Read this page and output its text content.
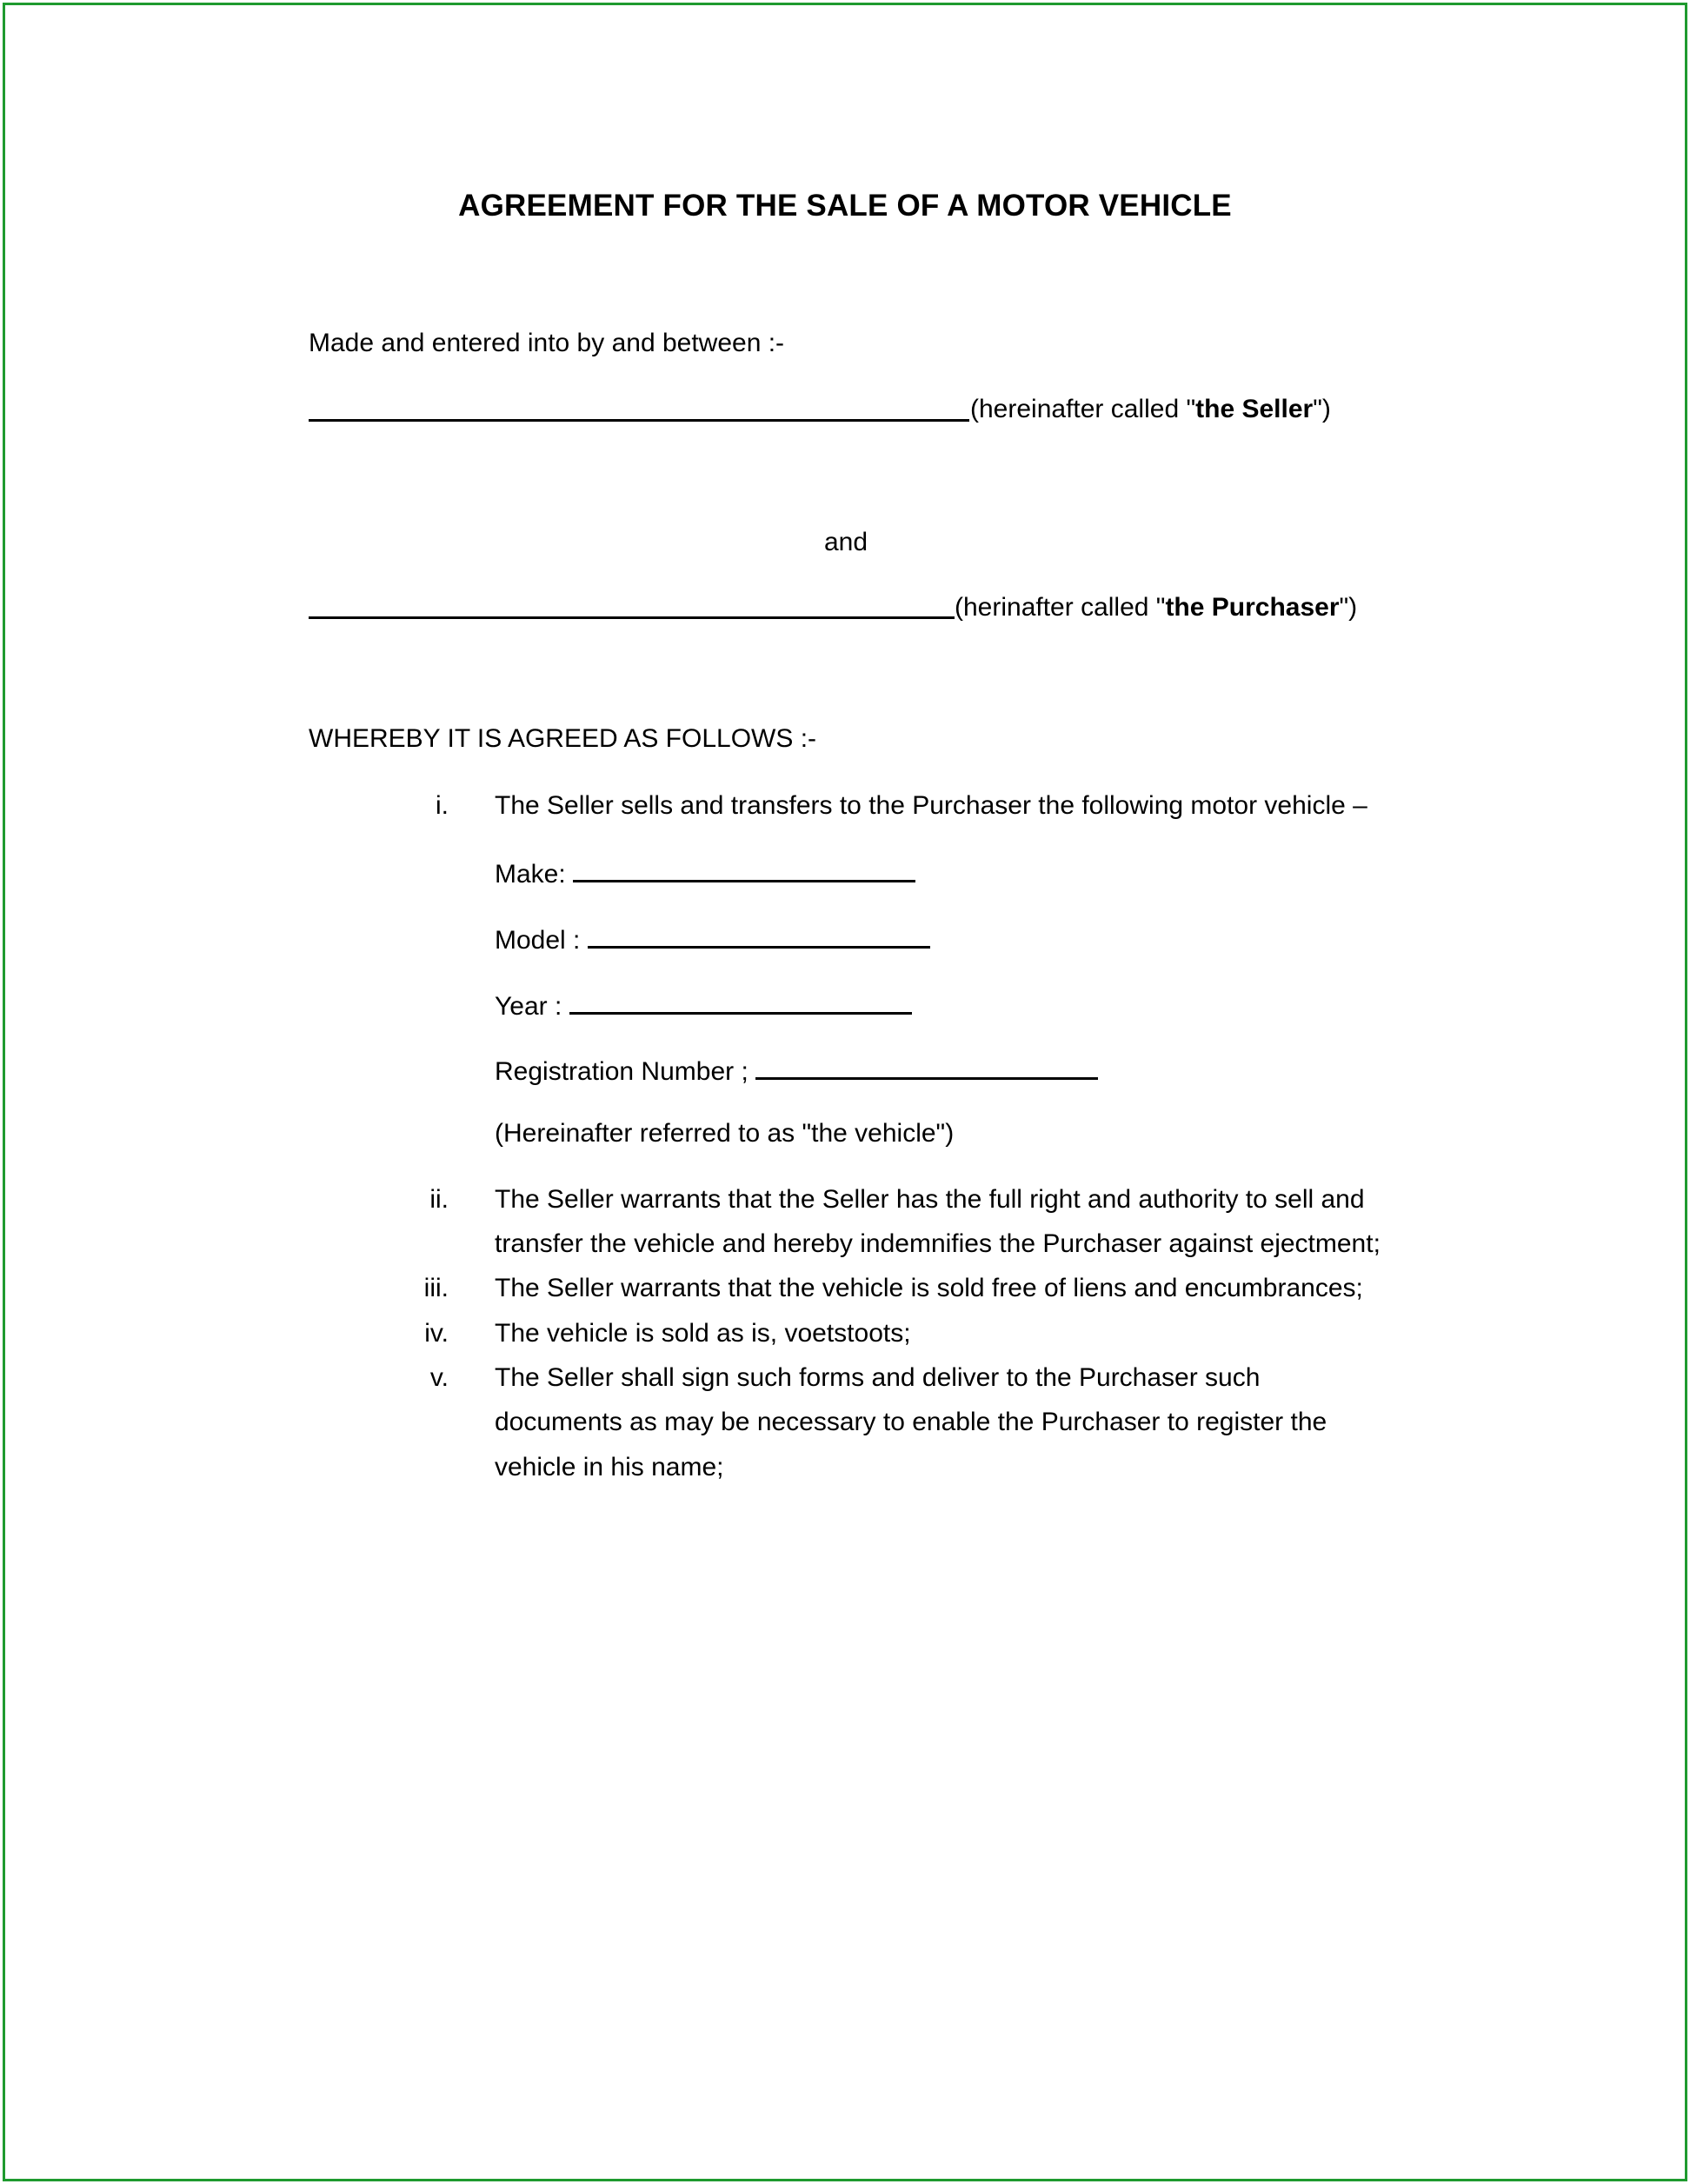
AGREEMENT FOR THE SALE OF A MOTOR VEHICLE
Made and entered into by and between :-
(hereinafter called "the Seller")
and
(herinafter called "the Purchaser")
WHEREBY IT IS AGREED AS FOLLOWS :-
i. The Seller sells and transfers to the Purchaser the following motor vehicle –
Make:
Model :
Year :
Registration Number ;
(Hereinafter referred to as "the vehicle")
ii. The Seller warrants that the Seller has the full right and authority to sell and
transfer the vehicle and hereby indemnifies the Purchaser against ejectment;
iii. The Seller warrants that the vehicle is sold free of liens and encumbrances;
iv. The vehicle is sold as is, voetstoots;
v. The Seller shall sign such forms and deliver to the Purchaser such
documents as may be necessary to enable the Purchaser to register the
vehicle in his name;
